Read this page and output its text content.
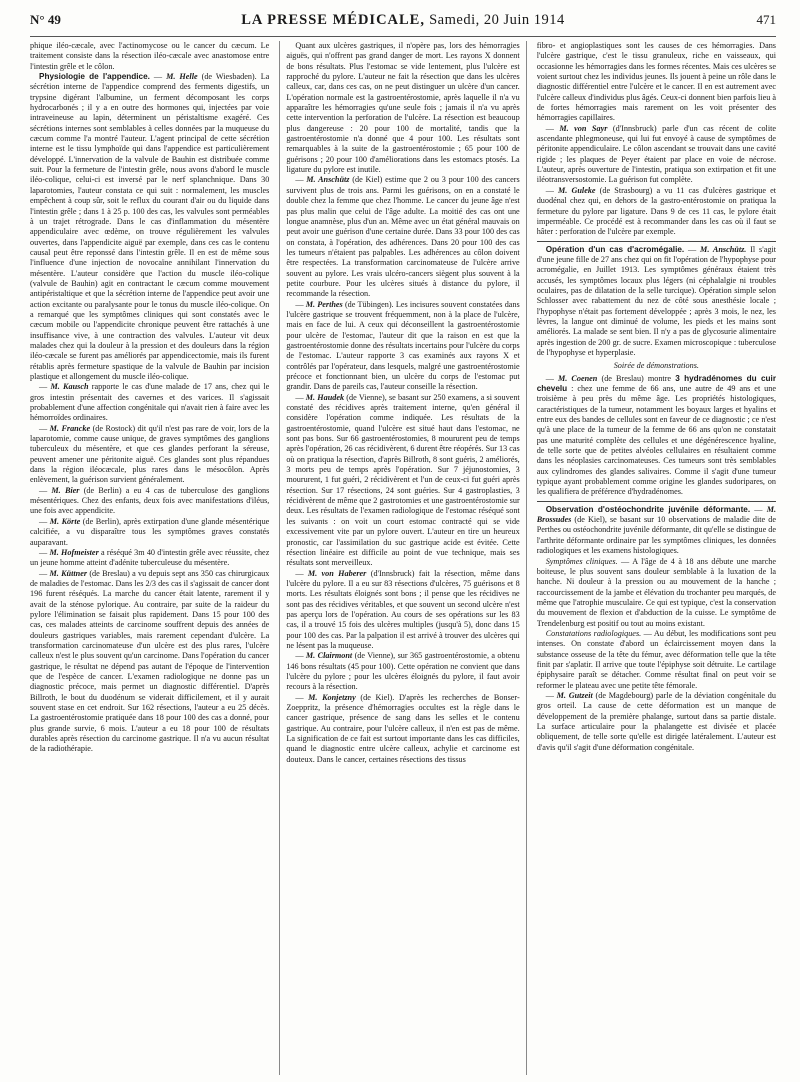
N° 49	LA PRESSE MÉDICALE, Samedi, 20 Juin 1914	471

phique iléo-cæcale, avec l'actinomycose ou le cancer du cæcum. Le traitement consiste dans la résection iléo-cæcale avec anastomose entre l'intestin grêle et le côlon.

Physiologie de l'appendice. — M. Helle (de Wiesbaden). La sécrétion interne de l'appendice comprend des ferments digestifs, un trypsine digérant l'albumine, un ferment décomposant les corps hydrocarbonés ; il y a en outre des hormones qui, injectées par voie intraveineuse au lapin, déterminent un péristaltisme exagéré. Ces sécrétions internes sont semblables à celles données par la muqueuse du cæcum comme l'a montré l'auteur. L'agent principal de cette sécrétion interne est le tissu lymphoïde qui dans l'appendice est particulièrement développé. L'innervation de la valvule de Bauhin est distribuée comme suit. Pour la fermeture de l'intestin grêle, nous avons d'abord le muscle iléo-colique, celui-ci est inversé par le nerf splanchnique. Dans 30 laparotomies, l'auteur constata ce qui suit : normalement, les muscles empêchent à coup sûr, soit le reflux du courant d'air ou du liquide dans l'intestin grêle ; dans 1 à 25 p. 100 des cas, les valvules sont perméables à un trajet rétrograde. Dans le cas d'inflammation du mésentère appendiculaire avec œdème, on trouve régulièrement les valvules ouvertes, dans l'appendicite aiguë par exemple, dans ces cas le contenu causal peut être reponssé dans l'intestin grêle. Il en est de même sous l'influence d'une injection de novocaïne annihilant l'innervation du mésentère. L'auteur considère que l'action du muscle iléo-colique (valvule de Bauhin) agit en contractant le cæcum comme mouvement antipéristaltique et que la sécrétion interne de l'appendice peut avoir une action excitante ou paralysante pour le tonus du muscle iléo-colique. On a remarqué que les symptômes cliniques qui sont constatés avec le cæcum mobile ou l'appendicite chronique peuvent être rattachés à une insuffisance vive, à une contraction des valvules. L'auteur vit deux malades chez qui la douleur à la pression et des douleurs dans la région iléo-cæcale se furent pas améliorés par appendicectomie, mais ils furent rétablis après fermeture spastique de la valvule de Bauhin par incision plastique et allongement du muscle iléo-colique.

— M. Kausch rapporte le cas d'une malade de 17 ans, chez qui le gros intestin présentait des cavernes et des varices. Il s'agissait probablement d'une affection congénitale qui n'avait rien à faire avec les hémorroïdes ordinaires.

— M. Francke (de Rostock) dit qu'il n'est pas rare de voir, lors de la laparotomie, comme cause unique, de graves symptômes des ganglions tuberculeux du mésentère, et que ces glandes perforant la séreuse, peuvent amener une péritonite aiguë. Ces glandes sont plus répandues dans la région iléocæcale, plus rares dans le mésocôlon. Après enlèvement, la guérison survient généralement.

— M. Bier (de Berlin) a eu 4 cas de tuberculose des ganglions mésentériques. Chez des enfants, deux fois avec manifestations d'iléus, une fois avec appendicite.

— M. Körte (de Berlin), après extirpation d'une glande mésentérique calcifiée, a vu disparaître tous les symptômes graves constatés auparavant.

— M. Hofmeister a réséqué 3m 40 d'intestin grêle avec réussite, chez un jeune homme atteint d'adénite tuberculeuse du mésentère.

— M. Küttner (de Breslau) a vu depuis sept ans 350 cas chirurgicaux de maladies de l'estomac. Dans les 2/3 des cas il s'agissait de cancer dont 196 furent réséqués. La marche du cancer était latente, rarement il y avait de la sténose pylorique. Au contraire, par suite de la raideur du pylore l'élimination se faisait plus rapidement. Dans 15 pour 100 des cas, ces malades atteints de carcinome souffrent depuis des années de douleurs gastriques variables, mais rarement cependant d'ulcère. La transformation carcinomateuse d'un ulcère est des plus rares, l'ulcère calleux n'est le plus souvent qu'un carcinome. Dans l'opération du cancer gastrique, le résultat ne dépend pas autant de l'époque de l'intervention que de l'espèce de cancer. L'examen radiologique ne donne pas un diagnostic précoce, mais permet un diagnostic différentiel. D'après Billroth, le bout du duodénum se viderait difficilement, et il y aurait souvent stase en cet endroit. Sur 162 résections, l'auteur a eu 25 décès. La gastroentérostomie pratiquée dans 18 pour 100 des cas a donné, pour plus grande survie, 6 mois. L'auteur a eu 18 pour 100 de résultats durables après résection du carcinome gastrique. Il n'a vu aucun résultat de la radiothérapie.

Quant aux ulcères gastriques, il n'opère pas, lors des hémorragies aiguës, qui n'offrent pas grand danger de mort. Les rayons X donnent de bons résultats. Plus l'estomac se vide lentement, plus l'ulcère est rapproché du pylore. L'auteur ne fait la résection que dans les ulcères calleux, car, dans ces cas, on ne peut distinguer un ulcère d'un cancer. L'opération normale est la gastroentérostomie, après laquelle il n'a vu apparaître les hémorragies qu'une seule fois ; jamais il n'a vu après cette intervention la perforation de l'ulcère. La résection est beaucoup plus dangereuse : 20 pour 100 de mortalité, tandis que la gastroentérostomie n'a donné que 4 pour 100. Les résultats sont remarquables à la suite de la gastroentérostomie ; 65 pour 100 de guérisons ; 20 pour 100 d'améliorations dans les estomacs ptosés. La ligature du pylore est inutile.

— M. Anschütz (de Kiel) estime que 2 ou 3 pour 100 des cancers survivent plus de trois ans. Parmi les guérisons, on en a constaté le double chez la femme que chez l'homme. Le cancer du jeune âge n'est pas plus malin que celui de l'âge adulte. La moitié des cas ont une longue anamnèse, plus d'un an. Même avec un état général mauvais on peut avoir une guérison d'une certaine durée. Dans 33 pour 100 des cas on constata, à l'opération, des adhérences. Dans 20 pour 100 des cas les tumeurs n'étaient pas palpables. Les adhérences au côlon doivent être respectées. La transformation carcinomateuse de l'ulcère arrive souvent au pylore. Les vrais ulcéro-cancers siègent plus souvent à la petite courbure. Pour les ulcères situés à distance du pylore, il recommande la résection.

— M. Perthes (de Tübingen). Les incisures souvent constatées dans l'ulcère gastrique se trouvent fréquemment, non à la place de l'ulcère, mais en face de lui. A ceux qui déconseillent la gastroentérostomie pour ulcère de l'estomac, l'auteur dit que la raison en est que la gastroentérostomie donne des résultats incertains pour l'ulcère du corps de l'estomac. L'auteur rapporte 3 cas examinés aux rayons X et contrôlés par l'opérateur, dans lesquels, malgré une gastroentérostomie précoce et fonctionnant bien, un ulcère du corps de l'estomac put grandir. Dans de pareils cas, l'auteur conseille la résection.

— M. Haudek (de Vienne), se basant sur 250 examens, a si souvent constaté des récidives après traitement interne, qu'en général il considère l'opération comme indiquée. Les résultats de la gastroentérostomie, quand l'ulcère est situé haut dans l'estomac, ne sont pas bons. Sur 66 gastroentérostomies, 8 moururent peu de temps après l'opération, 26 cas récidivèrent, 6 durent être réopérés. Sur 13 cas où on pratiqua la résection, d'après Billroth, 8 sont guéris, 2 améliorés, 3 morts peu de temps après l'opération. Sur 7 jéjunostomies, 3 moururent, 1 fut guéri, 2 récidivèrent et l'un de ceux-ci fut guéri après résection. Sur 17 résections, 24 sont guéries. Sur 4 gastroplasties, 3 récidivèrent de même que 2 gastrotomies et une gastroentérostomie sur deux. Les résultats de l'examen radiologique de l'estomac réséqué sont les suivants : on voit un court estomac contracté qui se vide excessivement vite par un pylore ouvert. L'auteur en tire un heureux pronostic, car l'assimilation du suc gastrique acide est évitée. Cette résection linéaire est difficile au point de vue technique, mais ses résultats sont merveilleux.

— M. von Haberer (d'Innsbruck) fait la résection, même dans l'ulcère du pylore. Il a eu sur 83 résections d'ulcères, 75 guérisons et 8 morts. Les résultats éloignés sont bons ; il pense que les récidives ne sont pas des récidives véritables, et que souvent un second ulcère n'est pas aperçu lors de l'opération. Au cours de ses opérations sur les 83 cas, il a trouvé 15 fois des ulcères multiples (jusqu'à 5), donc dans 15 pour 100 des cas. Par la palpation il est arrivé à trouver des ulcères qui ne lésent pas la muqueuse.

— M. Clairmont (de Vienne), sur 365 gastroentérostomie, a obtenu 146 bons résultats (45 pour 100). Cette opération ne convient que dans l'ulcère du pylore ; pour les ulcères éloignés du pylore, il faut avoir recours à la résection.

— M. Konjetzny (de Kiel). D'après les recherches de Bonser-Zoeppritz, la présence d'hémorragies occultes est la règle dans le cancer gastrique, présence de sang dans les selles et le contenu gastrique. Au contraire, pour l'ulcère calleux, il n'en est pas de même. La signification de ce fait est surtout importante dans les cas difficiles, quand le diagnostic entre ulcère calleux, achylie et carcinome est douteux. Dans le cancer, certaines résections des tissus

fibro- et angioplastiques sont les causes de ces hémorragies. Dans l'ulcère gastrique, c'est le tissu granuleux, riche en vaisseaux, qui occasionne les hémorragies dans les formes récentes. Mais ces ulcères se voient surtout chez les individus jeunes. Ils jouent à peine un rôle dans le diagnostic différentiel entre l'ulcère et le cancer. Il en est autrement avec l'ulcère calleux d'individus plus âgés. Ceux-ci donnent bien parfois lieu à de fortes hémorragies mais rarement on les voit présenter des hémorragies capillaires.

— M. von Sayr (d'Innsbruck) parle d'un cas récent de colite ascendante phlegmoneuse, qui lui fut envoyé à cause de symptômes de péritonite appendiculaire. Le côlon ascendant se trouvait dans une cavité rigide ; les plaques de Peyer étaient par place en voie de nécrose. L'auteur, après ouverture de l'intestin, pratiqua son extirpation et fit une iléotransversostomie. La guérison fut complète.

— M. Guleke (de Strasbourg) a vu 11 cas d'ulcères gastrique et duodénal chez qui, en dehors de la gastro-entérostomie on pratiqua la fermeture du pylore par ligature. Dans 9 de ces 11 cas, le pylore était imperméable. Ce procédé est à recommander dans les cas où il faut se hâter : perforation de l'ulcère par exemple.

Opération d'un cas d'acromégalie. — M. Anschütz. Il s'agit d'une jeune fille de 27 ans chez qui on fit l'opération de l'hypophyse pour acromégalie, en Juillet 1913. Les symptômes généraux étaient très accusés, les symptômes locaux plus légers (ni céphalalgie ni troubles oculaires, pas de dilatation de la selle turcique). Opération simple selon Schlosser avec rabattement du nez de côté sous anesthésie locale ; l'hypophyse n'était pas fortement développée ; après 3 mois, le nez, les lèvres, la langue ont diminué de volume, les pieds et les mains sont améliorés. La malade se sent bien. Il n'y a pas de glycosurie alimentaire après ingestion de 200 gr. de sucre. Examen microscopique : tuberculose de l'hypophyse et hyperplasie.

Soirée de démonstrations.

— M. Coenen (de Breslau) montre 3 hydradénomes du cuir chevelu : chez une femme de 66 ans, une autre de 49 ans et une troisième à peu près du même âge. Les propriétés histologiques, caractéristiques de la tumeur, notamment les boyaux larges et hyalins et entre eux des bandes de cellules sont en faveur de ce diagnostic ; ce n'est qu'à une place de la tumeur de la femme de 66 ans qu'on ne constatait pas une maturité complète des cellules et une dégénérescence hyaline, de telle sorte que de petites alvéoles cellulaires en résultaient comme dans les néoplasies carcinomateuses. Ces tumeurs sont très semblables aux cylindromes des glandes salivaires. Comme il s'agit d'une tumeur typique ayant probablement comme origine les glandes sudoripares, on les qualifiera de préférence d'hydradénomes.

Observation d'ostéochondrite juvénile déformante. — M. Brossudes (de Kiel), se basant sur 10 observations de maladie dite de Perthes ou ostéochondrite juvénile déformante, dit qu'elle se distingue de l'arthrite déformante ordinaire par les symptômes cliniques, les données radiologiques et les examens histologiques.

Symptômes cliniques. — A l'âge de 4 à 18 ans débute une marche boiteuse, le plus souvent sans douleur semblable à la luxation de la hanche. Ni douleur à la pression ou au mouvement de la hanche ; raccourcissement de la jambe et élévation du trochanter peu marqués, de même que l'atrophie musculaire. Ce qui est typique, c'est la conservation du mouvement de flexion et d'abduction de la cuisse. Le symptôme de Trendelenburg est positif ou tout au moins existant.

Constatations radiologiques. — Au début, les modifications sont peu intenses. On constate d'abord un éclaircissement moyen dans la substance osseuse de la tête du fémur, avec déformation telle que la tête finit par s'aplatir. Il arrive que toute l'épiphyse soit détruite. Le cartilage épiphysaire paraît se détacher. Comme résultat final on peut voir se reformer le plateau avec une petite tête fémorale.

— M. Gutzeit (de Magdebourg) parle de la déviation congénitale du gros orteil. La cause de cette déformation est un manque de développement de la première phalange, surtout dans sa partie distale. La surface articulaire pour la phalangette est divisée et placée obliquement, de telle sorte qu'elle est dirigée latéralement. L'auteur est d'avis qu'il s'agit d'une déformation congénitale.
